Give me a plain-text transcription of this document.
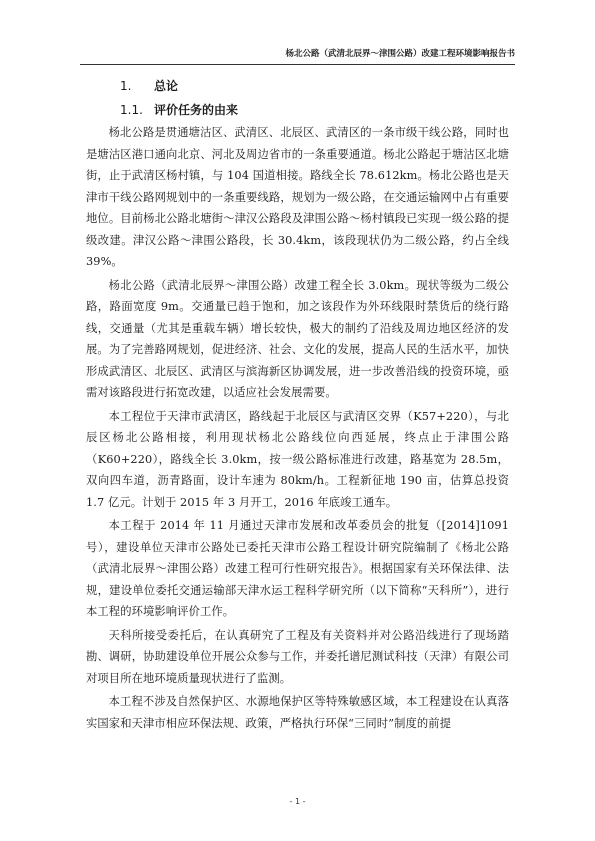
杨北公路（武清北辰界～津围公路）改建工程环境影响报告书
1.	总论
1.1. 评价任务的由来

杨北公路是贯通塘沽区、武清区、北辰区、武清区的一条市级干线公路，同时也是塘沽区港口通向北京、河北及周边省市的一条重要通道。杨北公路起于塘沽区北塘街，止于武清区杨村镇，与 104 国道相接。路线全长 78.612km。杨北公路也是天津市干线公路网规划中的一条重要线路，规划为一级公路，在交通运输网中占有重要地位。目前杨北公路北塘街～津汉公路段及津围公路～杨村镇段已实现一级公路的提级改建。津汉公路～津围公路段，长 30.4km，该段现状仍为二级公路，约占全线 39%。

杨北公路（武清北辰界～津围公路）改建工程全长 3.0km。现状等级为二级公路，路面宽度 9m。交通量已趋于饱和，加之该段作为外环线限时禁货后的绕行路线，交通量（尤其是重载车辆）增长较快，极大的制约了沿线及周边地区经济的发展。为了完善路网规划，促进经济、社会、文化的发展，提高人民的生活水平，加快形成武清区、北辰区、武清区与滨海新区协调发展，进一步改善沿线的投资环境，亟需对该路段进行拓宽改建，以适应社会发展需要。

本工程位于天津市武清区，路线起于北辰区与武清区交界（K57+220），与北辰区杨北公路相接，利用现状杨北公路线位向西延展，终点止于津围公路（K60+220），路线全长 3.0km，按一级公路标准进行改建，路基宽为 28.5m，双向四车道，沥青路面，设计车速为 80km/h。工程新征地 190 亩，估算总投资 1.7 亿元。计划于 2015 年 3 月开工，2016 年底竣工通车。

本工程于 2014 年 11 月通过天津市发展和改革委员会的批复（[2014]1091 号），建设单位天津市公路处已委托天津市公路工程设计研究院编制了《杨北公路（武清北辰界～津围公路）改建工程可行性研究报告》。根据国家有关环保法律、法规，建设单位委托交通运输部天津水运工程科学研究所（以下简称“天科所”），进行本工程的环境影响评价工作。

天科所接受委托后，在认真研究了工程及有关资料并对公路沿线进行了现场踏勘、调研，协助建设单位开展公众参与工作，并委托谱尼测试科技（天津）有限公司对项目所在地环境质量现状进行了监测。

本工程不涉及自然保护区、水源地保护区等特殊敏感区域，本工程建设在认真落实国家和天津市相应环保法规、政策，严格执行环保“三同时”制度的前提

- 1 -
